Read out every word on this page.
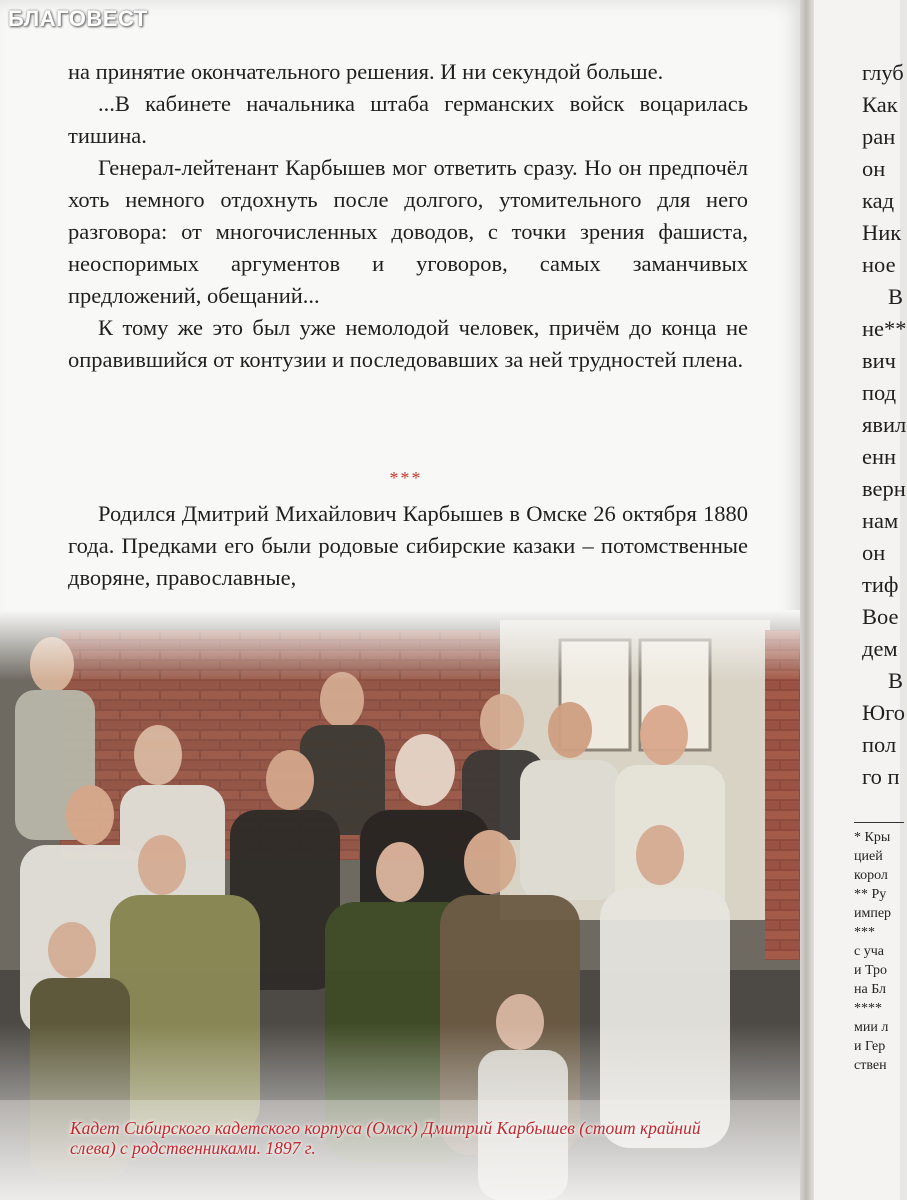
БЛАГОВЕСТ

на принятие окончательного решения. И ни секундой больше.

...В кабинете начальника штаба германских войск воцарилась тишина.

Генерал-лейтенант Карбышев мог ответить сразу. Но он предпочёл хоть немного отдохнуть после долгого, утомительного для него разговора: от многочисленных доводов, с точки зрения фашиста, неоспоримых аргументов и уговоров, самых заманчивых предложений, обещаний...

К тому же это был уже немолодой человек, причём до конца не оправившийся от контузии и последовавших за ней трудностей плена.

***

Родился Дмитрий Михайлович Карбышев в Омске 26 октября 1880 года. Предками его были родовые сибирские казаки – потомственные дворяне, православные,

Кадет Сибирского кадетского корпуса (Омск) Дмитрий Карбышев (стоит крайний слева) с родственниками. 1897 г.
глуб
Как
ран
он
кад
Ник
ное
В
не**
вич
под
явил
енн
верн
нам
он
тиф
Вое
дем
В
Юго
пол
го п
* Кры
цией
корол
** Ру
импер
***
с уча
и Тро
на Бл
****
мии л
и Гер
ствен
